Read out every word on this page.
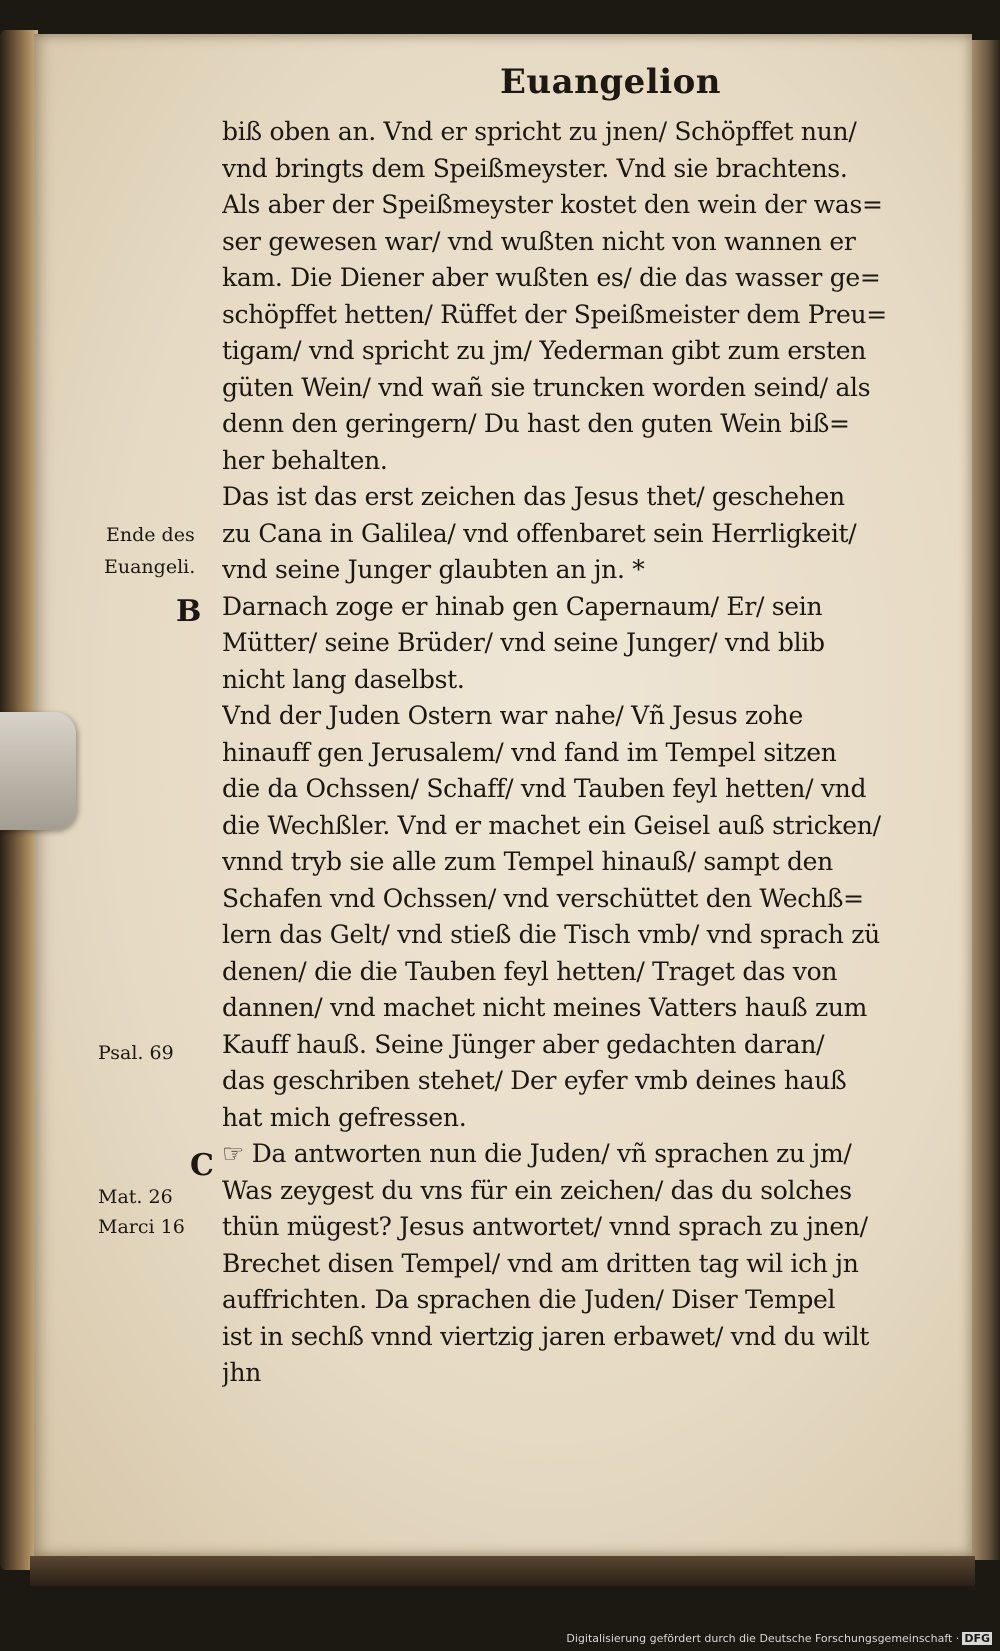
Euangelion
biß oben an. Vnd er spricht zu jnen/ Schöpffet nun/
vnd bringts dem Speißmeyster. Vnd sie brachtens.
Als aber der Speißmeyster kostet den wein der was=
ser gewesen war/ vnd wußten nicht von wannen er
kam. Die Diener aber wußten es/ die das wasser ge=
schöpffet hetten/ Rüffet der Speißmeister dem Preu=
tigam/ vnd spricht zu jm/ Yederman gibt zum ersten
güten Wein/ vnd wañ sie truncken worden seind/ als
denn den geringern/ Du hast den guten Wein biß=
her behalten.
Das ist das erst zeichen das Jesus thet/ geschehen
zu Cana in Galilea/ vnd offenbaret sein Herrligkeit/
vnd seine Junger glaubten an jn. *
Darnach zoge er hinab gen Capernaum/ Er/ sein
Mütter/ seine Brüder/ vnd seine Junger/ vnd blib
nicht lang daselbst.
Vnd der Juden Ostern war nahe/ Vñ Jesus zohe
hinauff gen Jerusalem/ vnd fand im Tempel sitzen
die da Ochssen/ Schaff/ vnd Tauben feyl hetten/ vnd
die Wechßler. Vnd er machet ein Geisel auß stricken/
vnnd tryb sie alle zum Tempel hinauß/ sampt den
Schafen vnd Ochssen/ vnd verschüttet den Wechß=
lern das Gelt/ vnd stieß die Tisch vmb/ vnd sprach zü
denen/ die die Tauben feyl hetten/ Traget das von
dannen/ vnd machet nicht meines Vatters hauß zum
Kauff hauß. Seine Jünger aber gedachten daran/
das geschriben stehet/ Der eyfer vmb deines hauß
hat mich gefressen.
☞ Da antworten nun die Juden/ vñ sprachen zu jm/
Was zeygest du vns für ein zeichen/ das du solches
thün mügest? Jesus antwortet/ vnnd sprach zu jnen/
Brechet disen Tempel/ vnd am dritten tag wil ich jn
auffrichten. Da sprachen die Juden/ Diser Tempel
ist in sechß vnnd viertzig jaren erbawet/ vnd du wilt
jhn
Ende des
Euangeli.
B
Psal. 69
C
Mat. 26
Marci 16
Digitalisierung gefördert durch die Deutsche Forschungsgemeinschaft · DFG
